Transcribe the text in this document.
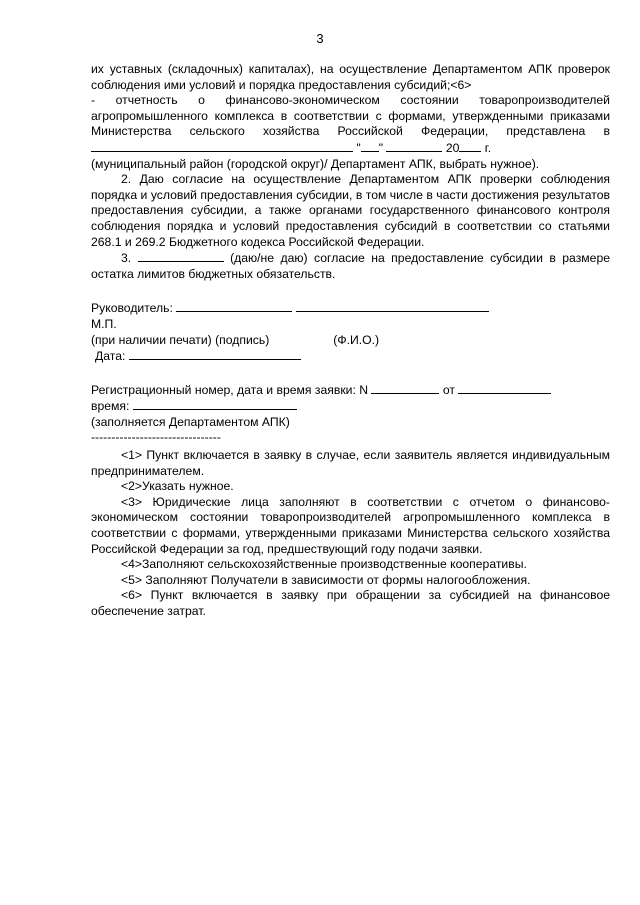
3

их уставных (складочных) капиталах), на осуществление Департаментом АПК проверок соблюдения ими условий и порядка предоставления субсидий;<6>

- отчетность о финансово-экономическом состоянии товаропроизводителей агропромышленного комплекса в соответствии с формами, утвержденными приказами Министерства сельского хозяйства Российской Федерации, представлена в  " "	20 г.

(муниципальный район (городской округ)/ Департамент АПК, выбрать нужное).

2. Даю согласие на осуществление Департаментом АПК проверки соблюдения порядка и условий предоставления субсидии, в том числе в части достижения результатов предоставления субсидии, а также органами государственного финансового контроля соблюдения порядка и условий предоставления субсидий в соответствии со статьями 268.1 и 269.2 Бюджетного кодекса Российской Федерации.

3.	(даю/не даю) согласие на предоставление субсидии в размере остатка лимитов бюджетных обязательств.

Руководитель:

М.П.

(при наличии печати) (подпись)	(Ф.И.О.)

Дата:

Регистрационный номер, дата и время заявки: N	от

время:

(заполняется Департаментом АПК)

--------------------------------

<1> Пункт включается в заявку в случае, если заявитель является индивидуальным предпринимателем.

<2>Указать нужное.

<3> Юридические лица заполняют в соответствии с отчетом о финансово-экономическом состоянии товаропроизводителей агропромышленного комплекса в соответствии с формами, утвержденными приказами Министерства сельского хозяйства Российской Федерации за год, предшествующий году подачи заявки.

<4>Заполняют сельскохозяйственные производственные кооперативы.

<5> Заполняют Получатели в зависимости от формы налогообложения.

<6> Пункт включается в заявку при обращении за субсидией на финансовое обеспечение затрат.
